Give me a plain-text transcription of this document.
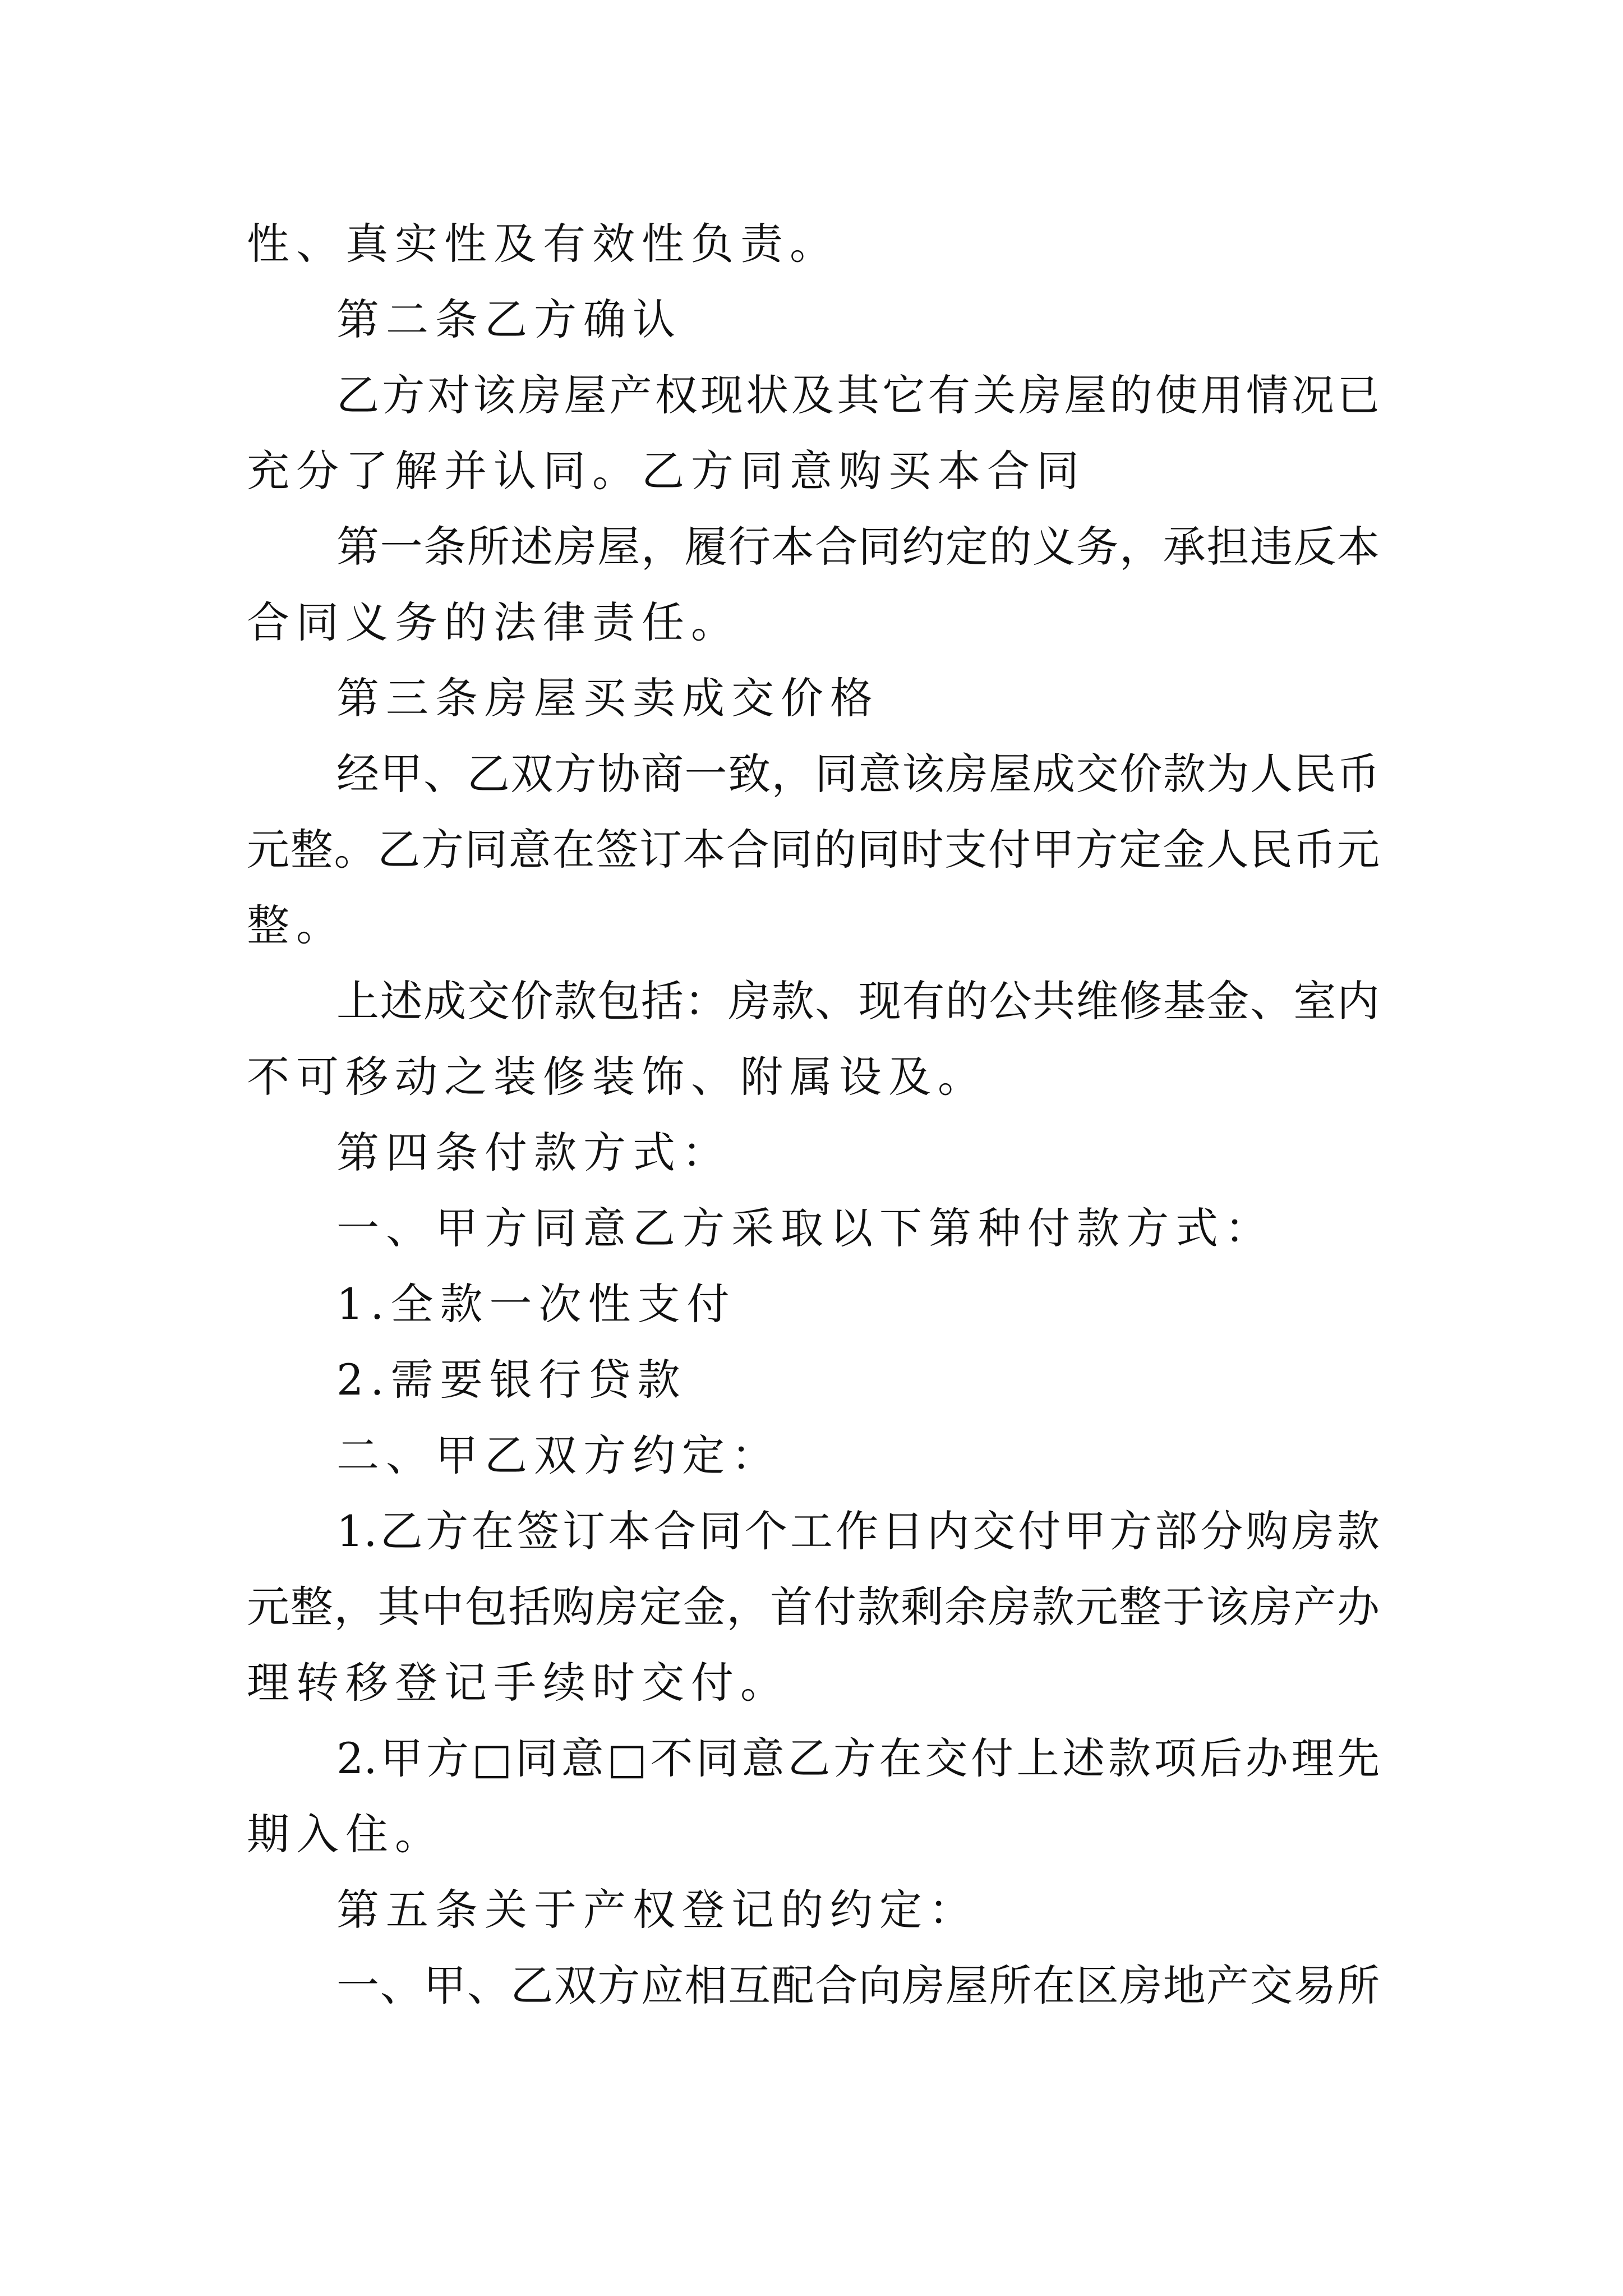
性、真实性及有效性负责。

第二条乙方确认

乙方对该房屋产权现状及其它有关房屋的使用情况已

充分了解并认同。乙方同意购买本合同

第一条所述房屋，履行本合同约定的义务，承担违反本

合同义务的法律责任。

第三条房屋买卖成交价格

经甲、乙双方协商一致，同意该房屋成交价款为人民币

元整。乙方同意在签订本合同的同时支付甲方定金人民币元

整。

上述成交价款包括：房款、现有的公共维修基金、室内

不可移动之装修装饰、附属设及。

第四条付款方式：

一、甲方同意乙方采取以下第种付款方式：

1.全款一次性支付

2.需要银行贷款

二、甲乙双方约定：

1.乙方在签订本合同个工作日内交付甲方部分购房款

元整，其中包括购房定金，首付款剩余房款元整于该房产办

理转移登记手续时交付。

2.甲方□同意□不同意乙方在交付上述款项后办理先

期入住。

第五条关于产权登记的约定：

一、甲、乙双方应相互配合向房屋所在区房地产交易所
